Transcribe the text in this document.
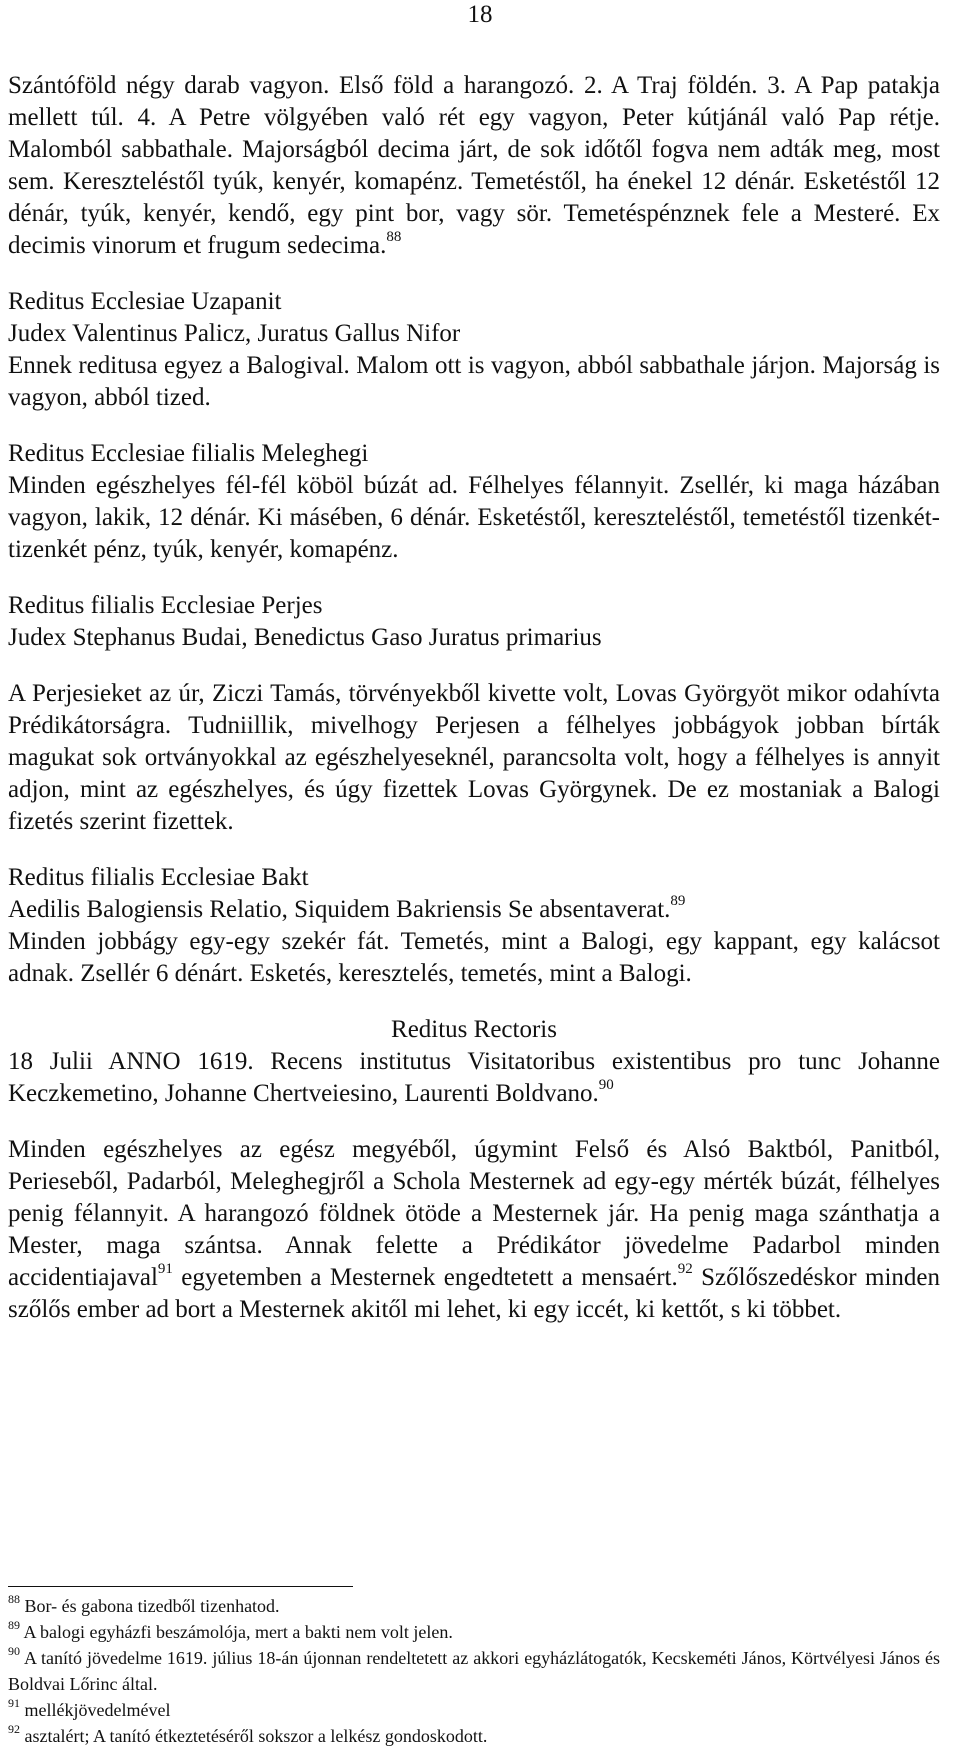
18

Szántóföld négy darab vagyon. Első föld a harangozó. 2. A Traj földén. 3. A Pap patakja mellett túl. 4. A Petre völgyében való rét egy vagyon, Peter kútjánál való Pap rétje. Malomból sabbathale. Majorságból decima járt, de sok időtől fogva nem adták meg, most sem. Kereszteléstől tyúk, kenyér, komapénz. Temetéstől, ha énekel 12 dénár. Esketéstől 12 dénár, tyúk, kenyér, kendő, egy pint bor, vagy sör. Temetéspénznek fele a Mesteré. Ex decimis vinorum et frugum sedecima.$^{88}$

Reditus Ecclesiae Uzapanit

Judex Valentinus Palicz, Juratus Gallus Nifor

Ennek reditusa egyez a Balogival. Malom ott is vagyon, abból sabbathale járjon. Majorság is vagyon, abból tized.

Reditus Ecclesiae filialis Meleghegi

Minden egészhelyes fél-fél köböl búzát ad. Félhelyes félannyit. Zsellér, ki maga házában vagyon, lakik, 12 dénár. Ki másében, 6 dénár. Esketéstől, kereszteléstől, temetéstől tizenkét-tizenkét pénz, tyúk, kenyér, komapénz.

Reditus filialis Ecclesiae Perjes

Judex Stephanus Budai, Benedictus Gaso Juratus primarius

A Perjesieket az úr, Ziczi Tamás, törvényekből kivette volt, Lovas Györgyöt mikor odahívta Prédikátorságra. Tudniillik, mivelhogy Perjesen a félhelyes jobbágyok jobban bírták magukat sok ortványokkal az egészhelyeseknél, parancsolta volt, hogy a félhelyes is annyit adjon, mint az egészhelyes, és úgy fizettek Lovas Györgynek. De ez mostaniak a Balogi fizetés szerint fizettek.

Reditus filialis Ecclesiae Bakt

Aedilis Balogiensis Relatio, Siquidem Bakriensis Se absentaverat.$^{89}$

Minden jobbágy egy-egy szekér fát. Temetés, mint a Balogi, egy kappant, egy kalácsot adnak. Zsellér 6 dénárt. Esketés, keresztelés, temetés, mint a Balogi.

Reditus Rectoris

18 Julii ANNO 1619. Recens institutus Visitatoribus existentibus pro tunc Johanne Keczkemetino, Johanne Chertveiesino, Laurenti Boldvano.$^{90}$

Minden egészhelyes az egész megyéből, úgymint Felső és Alsó Baktból, Panitból, Perieseből, Padarból, Meleghegjről a Schola Mesternek ad egy-egy mérték búzát, félhelyes penig félannyit. A harangozó földnek ötöde a Mesternek jár. Ha penig maga szánthatja a Mester, maga szántsa. Annak felette a Prédikátor jövedelme Padarbol minden accidentiajaval$^{91}$ egyetemben a Mesternek engedtetett a mensaért.$^{92}$ Szőlőszedéskor minden szőlős ember ad bort a Mesternek akitől mi lehet, ki egy iccét, ki kettőt, s ki többet.

$^{88}$ Bor- és gabona tizedből tizenhatod.

$^{89}$ A balogi egyházfi beszámolója, mert a bakti nem volt jelen.

$^{90}$ A tanító jövedelme 1619. július 18-án újonnan rendeltetett az akkori egyházlátogatók, Kecskeméti János, Körtvélyesi János és Boldvai Lőrinc által.

$^{91}$ mellékjövedelmével

$^{92}$ asztalért; A tanító étkeztetéséről sokszor a lelkész gondoskodott.
